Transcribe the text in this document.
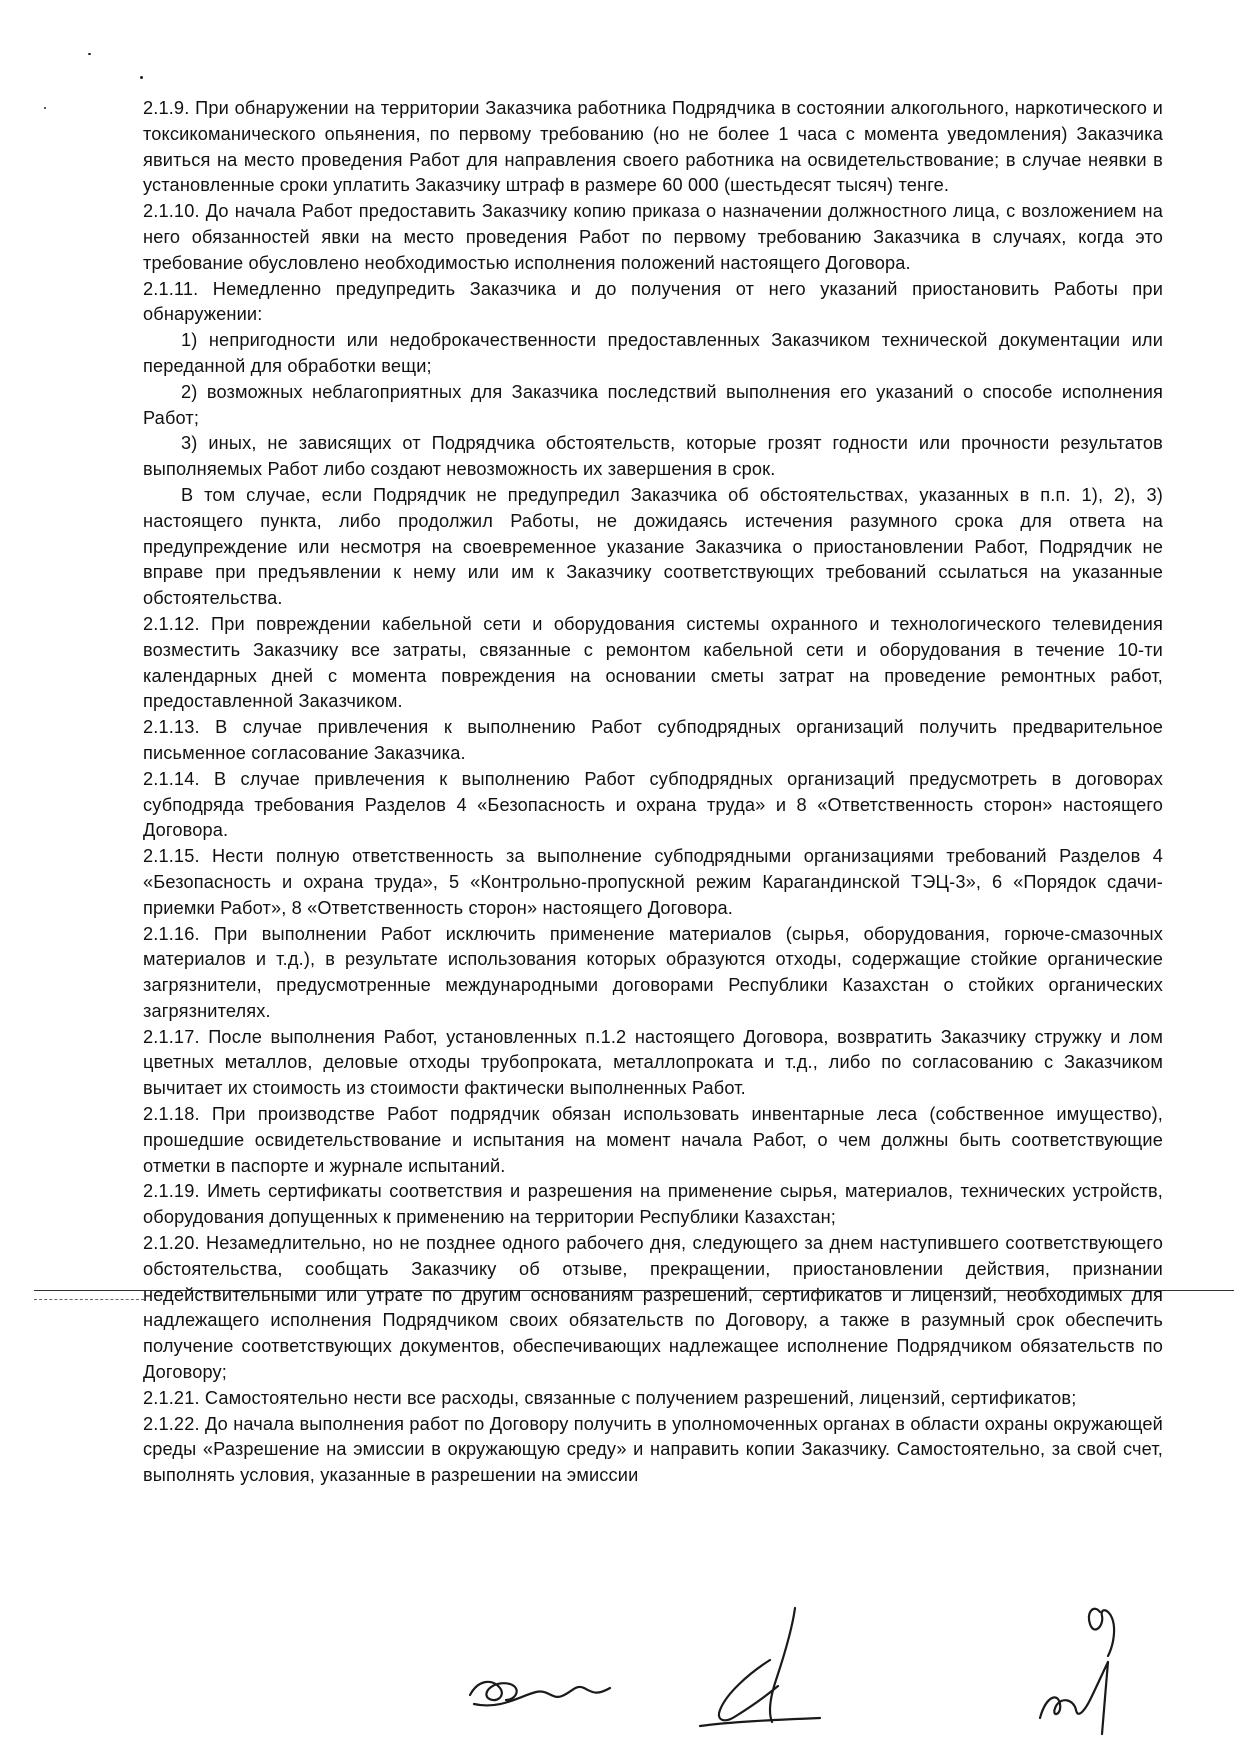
2.1.9. При обнаружении на территории Заказчика работника Подрядчика в состоянии алкогольного, наркотического и токсикоманического опьянения, по первому требованию (но не более 1 часа с момента уведомления) Заказчика явиться на место проведения Работ для направления своего работника на освидетельствование; в случае неявки в установленные сроки уплатить Заказчику штраф в размере 60 000 (шестьдесят тысяч) тенге.

2.1.10. До начала Работ предоставить Заказчику копию приказа о назначении должностного лица, с возложением на него обязанностей явки на место проведения Работ по первому требованию Заказчика в случаях, когда это требование обусловлено необходимостью исполнения положений настоящего Договора.

2.1.11. Немедленно предупредить Заказчика и до получения от него указаний приостановить Работы при обнаружении:

1) непригодности или недоброкачественности предоставленных Заказчиком технической документации или переданной для обработки вещи;

2) возможных неблагоприятных для Заказчика последствий выполнения его указаний о способе исполнения Работ;

3) иных, не зависящих от Подрядчика обстоятельств, которые грозят годности или прочности результатов выполняемых Работ либо создают невозможность их завершения в срок.

В том случае, если Подрядчик не предупредил Заказчика об обстоятельствах, указанных в п.п. 1), 2), 3) настоящего пункта, либо продолжил Работы, не дожидаясь истечения разумного срока для ответа на предупреждение или несмотря на своевременное указание Заказчика о приостановлении Работ, Подрядчик не вправе при предъявлении к нему или им к Заказчику соответствующих требований ссылаться на указанные обстоятельства.

2.1.12. При повреждении кабельной сети и оборудования системы охранного и технологического телевидения возместить Заказчику все затраты, связанные с ремонтом кабельной сети и оборудования в течение 10-ти календарных дней с момента повреждения на основании сметы затрат на проведение ремонтных работ, предоставленной Заказчиком.

2.1.13. В случае привлечения к выполнению Работ субподрядных организаций получить предварительное письменное согласование Заказчика.

2.1.14. В случае привлечения к выполнению Работ субподрядных организаций предусмотреть в договорах субподряда требования Разделов 4 «Безопасность и охрана труда» и 8 «Ответственность сторон» настоящего Договора.

2.1.15. Нести полную ответственность за выполнение субподрядными организациями требований Разделов 4 «Безопасность и охрана труда», 5 «Контрольно-пропускной режим Карагандинской ТЭЦ-3», 6 «Порядок сдачи-приемки Работ», 8 «Ответственность сторон» настоящего Договора.

2.1.16. При выполнении Работ исключить применение материалов (сырья, оборудования, горюче-смазочных материалов и т.д.), в результате использования которых образуются отходы, содержащие стойкие органические загрязнители, предусмотренные международными договорами Республики Казахстан о стойких органических загрязнителях.

2.1.17. После выполнения Работ, установленных п.1.2 настоящего Договора, возвратить Заказчику стружку и лом цветных металлов, деловые отходы трубопроката, металлопроката и т.д., либо по согласованию с Заказчиком вычитает их стоимость из стоимости фактически выполненных Работ.

2.1.18. При производстве Работ подрядчик обязан использовать инвентарные леса (собственное имущество), прошедшие освидетельствование и испытания на момент начала Работ, о чем должны быть соответствующие отметки в паспорте и журнале испытаний.

2.1.19. Иметь сертификаты соответствия и разрешения на применение сырья, материалов, технических устройств, оборудования допущенных к применению на территории Республики Казахстан;

2.1.20. Незамедлительно, но не позднее одного рабочего дня, следующего за днем наступившего соответствующего обстоятельства, сообщать Заказчику об отзыве, прекращении, приостановлении действия, признании недействительными или утрате по другим основаниям разрешений, сертификатов и лицензий, необходимых для надлежащего исполнения Подрядчиком своих обязательств по Договору, а также в разумный срок обеспечить получение соответствующих документов, обеспечивающих надлежащее исполнение Подрядчиком обязательств по Договору;

2.1.21. Самостоятельно нести все расходы, связанные с получением разрешений, лицензий, сертификатов;

2.1.22. До начала выполнения работ по Договору получить в уполномоченных органах в области охраны окружающей среды «Разрешение на эмиссии в окружающую среду» и направить копии Заказчику. Самостоятельно, за свой счет, выполнять условия, указанные в разрешении на эмиссии
